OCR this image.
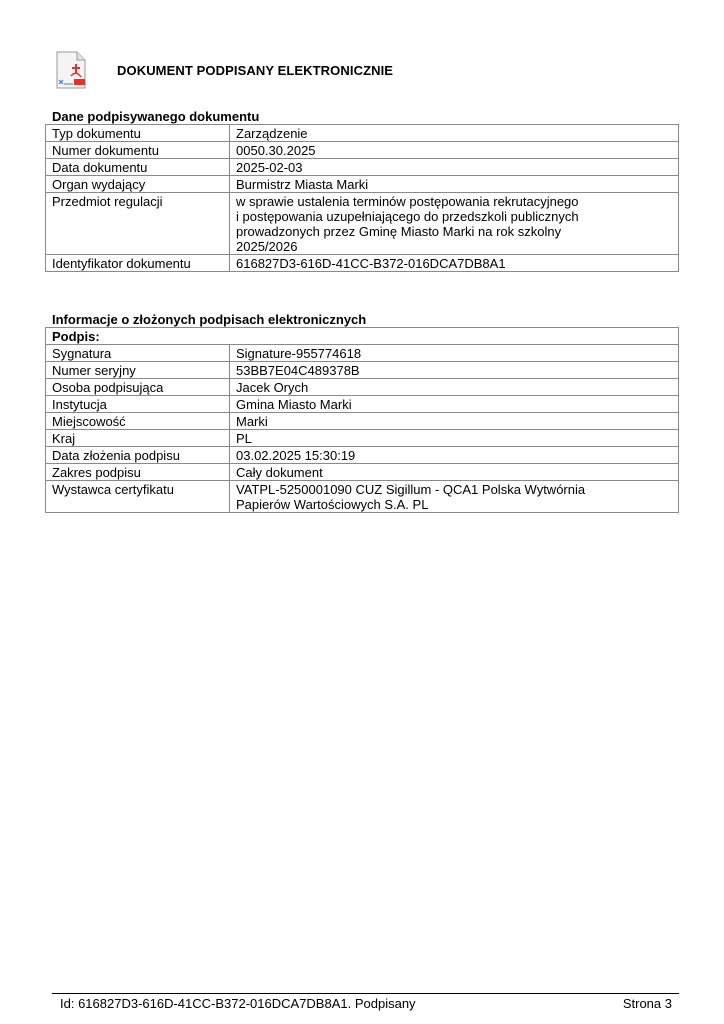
DOKUMENT PODPISANY ELEKTRONICZNIE
Dane podpisywanego dokumentu
Typ dokumentu	Zarządzenie
Numer dokumentu	0050.30.2025
Data dokumentu	2025-02-03
Organ wydający	Burmistrz Miasta Marki
Przedmiot regulacji	w sprawie ustalenia terminów postępowania rekrutacyjnego
i postępowania uzupełniającego do przedszkoli publicznych
prowadzonych przez Gminę Miasto Marki na rok szkolny
2025/2026
Identyfikator dokumentu	616827D3-616D-41CC-B372-016DCA7DB8A1
Informacje o złożonych podpisach elektronicznych
Podpis:	
Sygnatura	Signature-955774618
Numer seryjny	53BB7E04C489378B
Osoba podpisująca	Jacek Orych
Instytucja	Gmina Miasto Marki
Miejscowość	Marki
Kraj	PL
Data złożenia podpisu	03.02.2025 15:30:19
Zakres podpisu	Cały dokument
Wystawca certyfikatu	VATPL-5250001090 CUZ Sigillum - QCA1 Polska Wytwórnia
Papierów Wartościowych S.A. PL
Id: 616827D3-616D-41CC-B372-016DCA7DB8A1. Podpisany	Strona 3
